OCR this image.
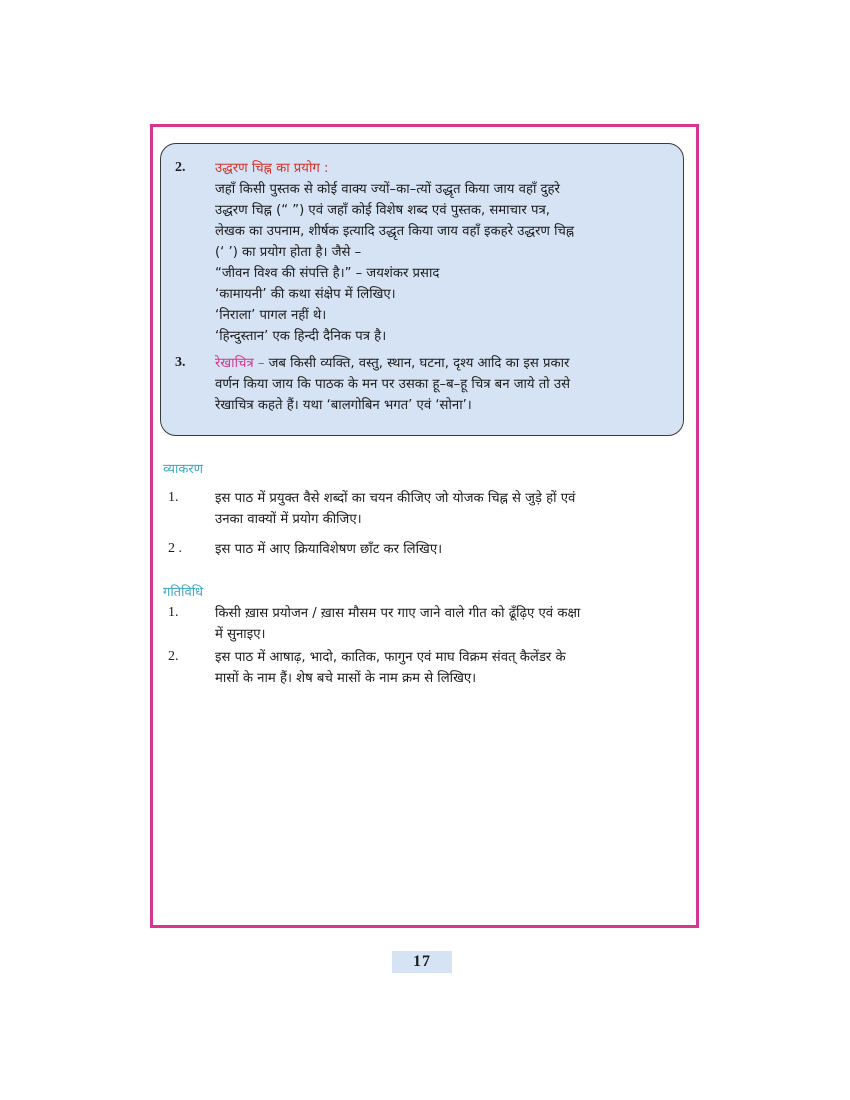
2. उद्धरण चिह्न का प्रयोग :
जहाँ किसी पुस्तक से कोई वाक्य ज्यों–का–त्यों उद्धृत किया जाय वहाँ दुहरे
उद्धरण चिह्न (“ ”) एवं जहाँ कोई विशेष शब्द एवं पुस्तक, समाचार पत्र,
लेखक का उपनाम, शीर्षक इत्यादि उद्धृत किया जाय वहाँ इकहरे उद्धरण चिह्न
(‘ ’) का प्रयोग होता है। जैसे –
“जीवन विश्व की संपत्ति है।” – जयशंकर प्रसाद
‘कामायनी’ की कथा संक्षेप में लिखिए।
‘निराला’ पागल नहीं थे।
‘हिन्दुस्तान’ एक हिन्दी दैनिक पत्र है।
3. रेखाचित्र – जब किसी व्यक्ति, वस्तु, स्थान, घटना, दृश्य आदि का इस प्रकार
वर्णन किया जाय कि पाठक के मन पर उसका हू–ब–हू चित्र बन जाये तो उसे
रेखाचित्र कहते हैं। यथा ‘बालगोबिन भगत’ एवं ‘सोना’।
व्याकरण
1.	इस पाठ में प्रयुक्त वैसे शब्दों का चयन कीजिए जो योजक चिह्न से जुड़े हों एवं
उनका वाक्यों में प्रयोग कीजिए।
2 .	इस पाठ में आए क्रियाविशेषण छाँट कर लिखिए।
गतिविधि
1.	किसी ख़ास प्रयोजन / ख़ास मौसम पर गाए जाने वाले गीत को ढूँढ़िए एवं कक्षा
में सुनाइए।
2.	इस पाठ में आषाढ़, भादो, कातिक, फागुन एवं माघ विक्रम संवत् कैलेंडर के
मासों के नाम हैं। शेष बचे मासों के नाम क्रम से लिखिए।
17
